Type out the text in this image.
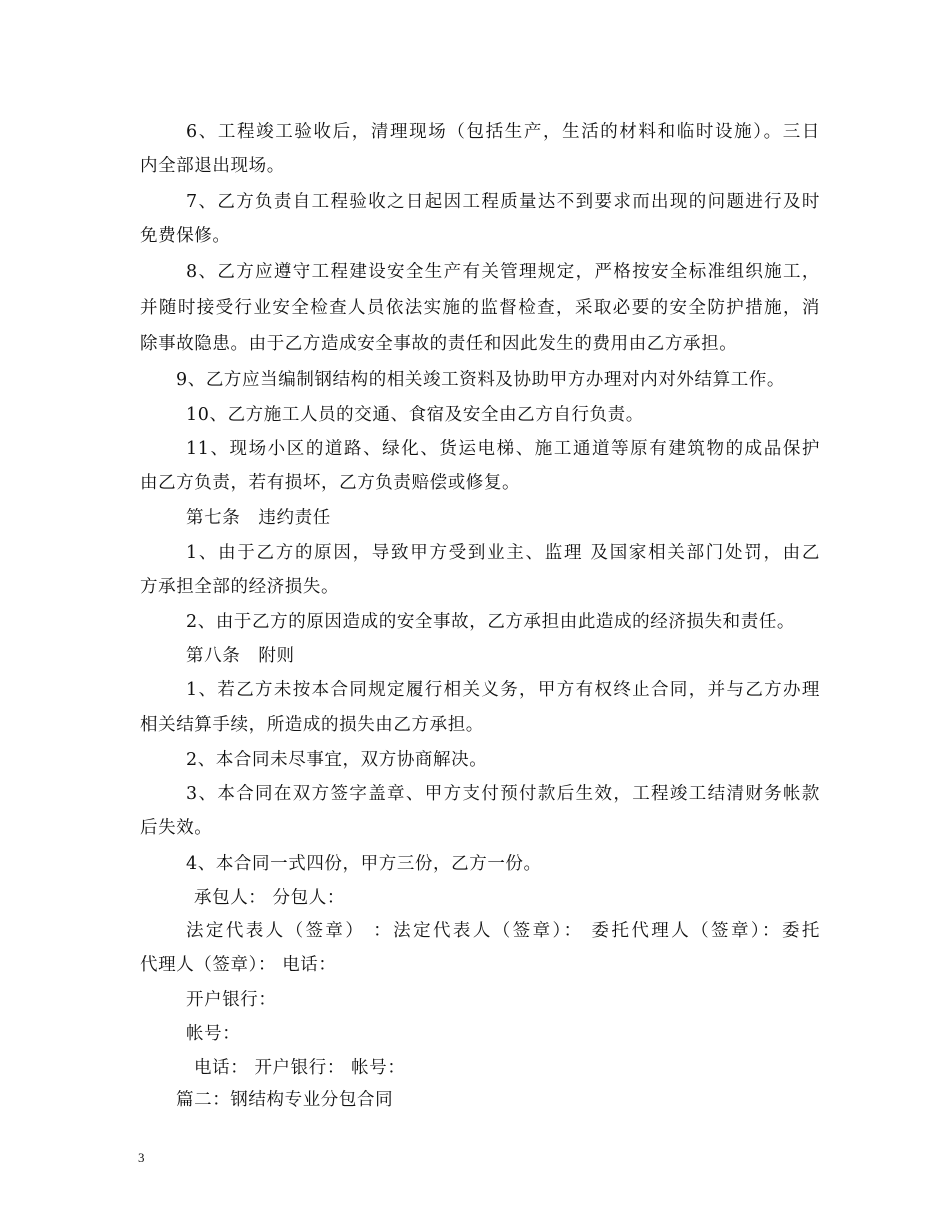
6、工程竣工验收后，清理现场（包括生产，生活的材料和临时设施）。三日
内全部退出现场。
7、乙方负责自工程验收之日起因工程质量达不到要求而出现的问题进行及时
免费保修。
8、乙方应遵守工程建设安全生产有关管理规定，严格按安全标准组织施工，
并随时接受行业安全检查人员依法实施的监督检查，采取必要的安全防护措施，消
除事故隐患。由于乙方造成安全事故的责任和因此发生的费用由乙方承担。
9、乙方应当编制钢结构的相关竣工资料及协助甲方办理对内对外结算工作。
10、乙方施工人员的交通、食宿及安全由乙方自行负责。
11、现场小区的道路、绿化、货运电梯、施工通道等原有建筑物的成品保护
由乙方负责，若有损坏，乙方负责赔偿或修复。
第七条　违约责任
1、由于乙方的原因，导致甲方受到业主、监理 及国家相关部门处罚，由乙
方承担全部的经济损失。
2、由于乙方的原因造成的安全事故，乙方承担由此造成的经济损失和责任。
第八条　附则
1、若乙方未按本合同规定履行相关义务，甲方有权终止合同，并与乙方办理
相关结算手续，所造成的损失由乙方承担。
2、本合同未尽事宜，双方协商解决。
3、本合同在双方签字盖章、甲方支付预付款后生效，工程竣工结清财务帐款
后失效。
4、本合同一式四份，甲方三份，乙方一份。
承包人： 分包人：
法定代表人（签章） ：法定代表人（签章）： 委托代理人（签章）：委托
代理人（签章）： 电话：
开户银行：
帐号：
电话： 开户银行： 帐号：
篇二：钢结构专业分包合同
3
